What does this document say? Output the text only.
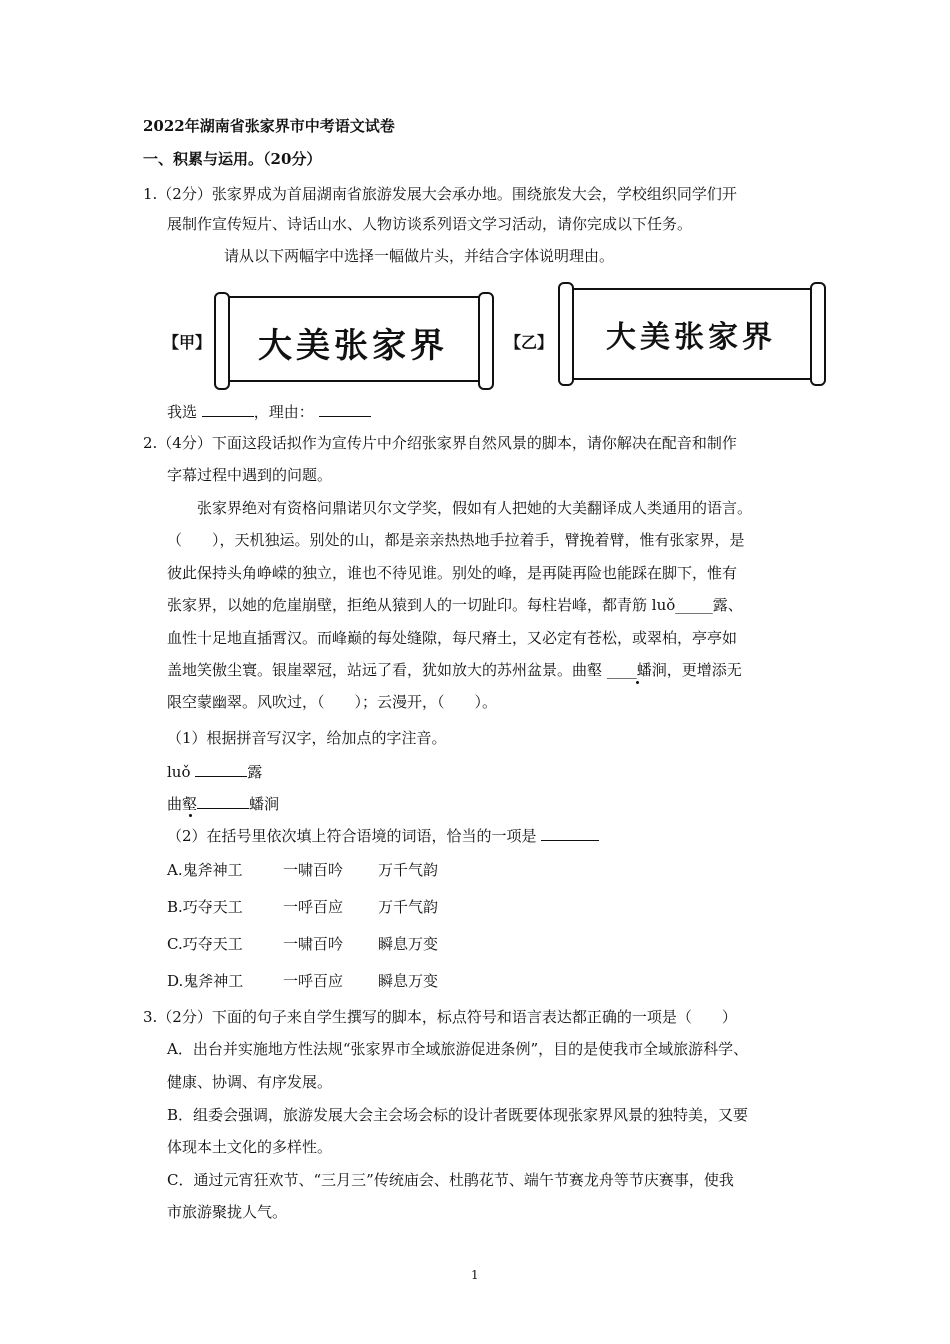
2022年湖南省张家界市中考语文试卷
一、积累与运用。（20分）
1.（2分）张家界成为首届湖南省旅游发展大会承办地。围绕旅发大会，学校组织同学们开
展制作宣传短片、诗话山水、人物访谈系列语文学习活动，请你完成以下任务。
请从以下两幅字中选择一幅做片头，并结合字体说明理由。
【甲】	大美张家界	【乙】	大美张家界
我选	，理由：
2.（4分）下面这段话拟作为宣传片中介绍张家界自然风景的脚本，请你解决在配音和制作
字幕过程中遇到的问题。
张家界绝对有资格问鼎诺贝尔文学奖，假如有人把她的大美翻译成人类通用的语言。
（　　），天机独运。别处的山，都是亲亲热热地手拉着手，臂挽着臂，惟有张家界，是
彼此保持头角峥嵘的独立，谁也不待见谁。别处的峰，是再陡再险也能踩在脚下，惟有
张家界，以她的危崖崩壁，拒绝从猿到人的一切趾印。每柱岩峰，都青筋 luǒ_____露、
血性十足地直插霄汉。而峰巅的每处缝隙，每尺瘠土，又必定有苍松，或翠柏，亭亭如
盖地笑傲尘寰。银崖翠冠，站远了看，犹如放大的苏州盆景。曲壑 ____蟠涧，更增添无
限空蒙幽翠。风吹过，（　　）；云漫开，（　　）。
（1）根据拼音写汉字，给加点的字注音。
luǒ	露
曲壑	蟠涧
（2）在括号里依次填上符合语境的词语，恰当的一项是
A.鬼斧神工	一啸百吟 万千气韵
B.巧夺天工	一呼百应 万千气韵
C.巧夺天工	一啸百吟 瞬息万变
D.鬼斧神工	一呼百应 瞬息万变
3.（2分）下面的句子来自学生撰写的脚本，标点符号和语言表达都正确的一项是（　　）
A．出台并实施地方性法规“张家界市全域旅游促进条例”，目的是使我市全域旅游科学、
健康、协调、有序发展。
B．组委会强调，旅游发展大会主会场会标的设计者既要体现张家界风景的独特美，又要
体现本土文化的多样性。
C．通过元宵狂欢节、“三月三”传统庙会、杜鹃花节、端午节赛龙舟等节庆赛事，使我
市旅游聚拢人气。
1
